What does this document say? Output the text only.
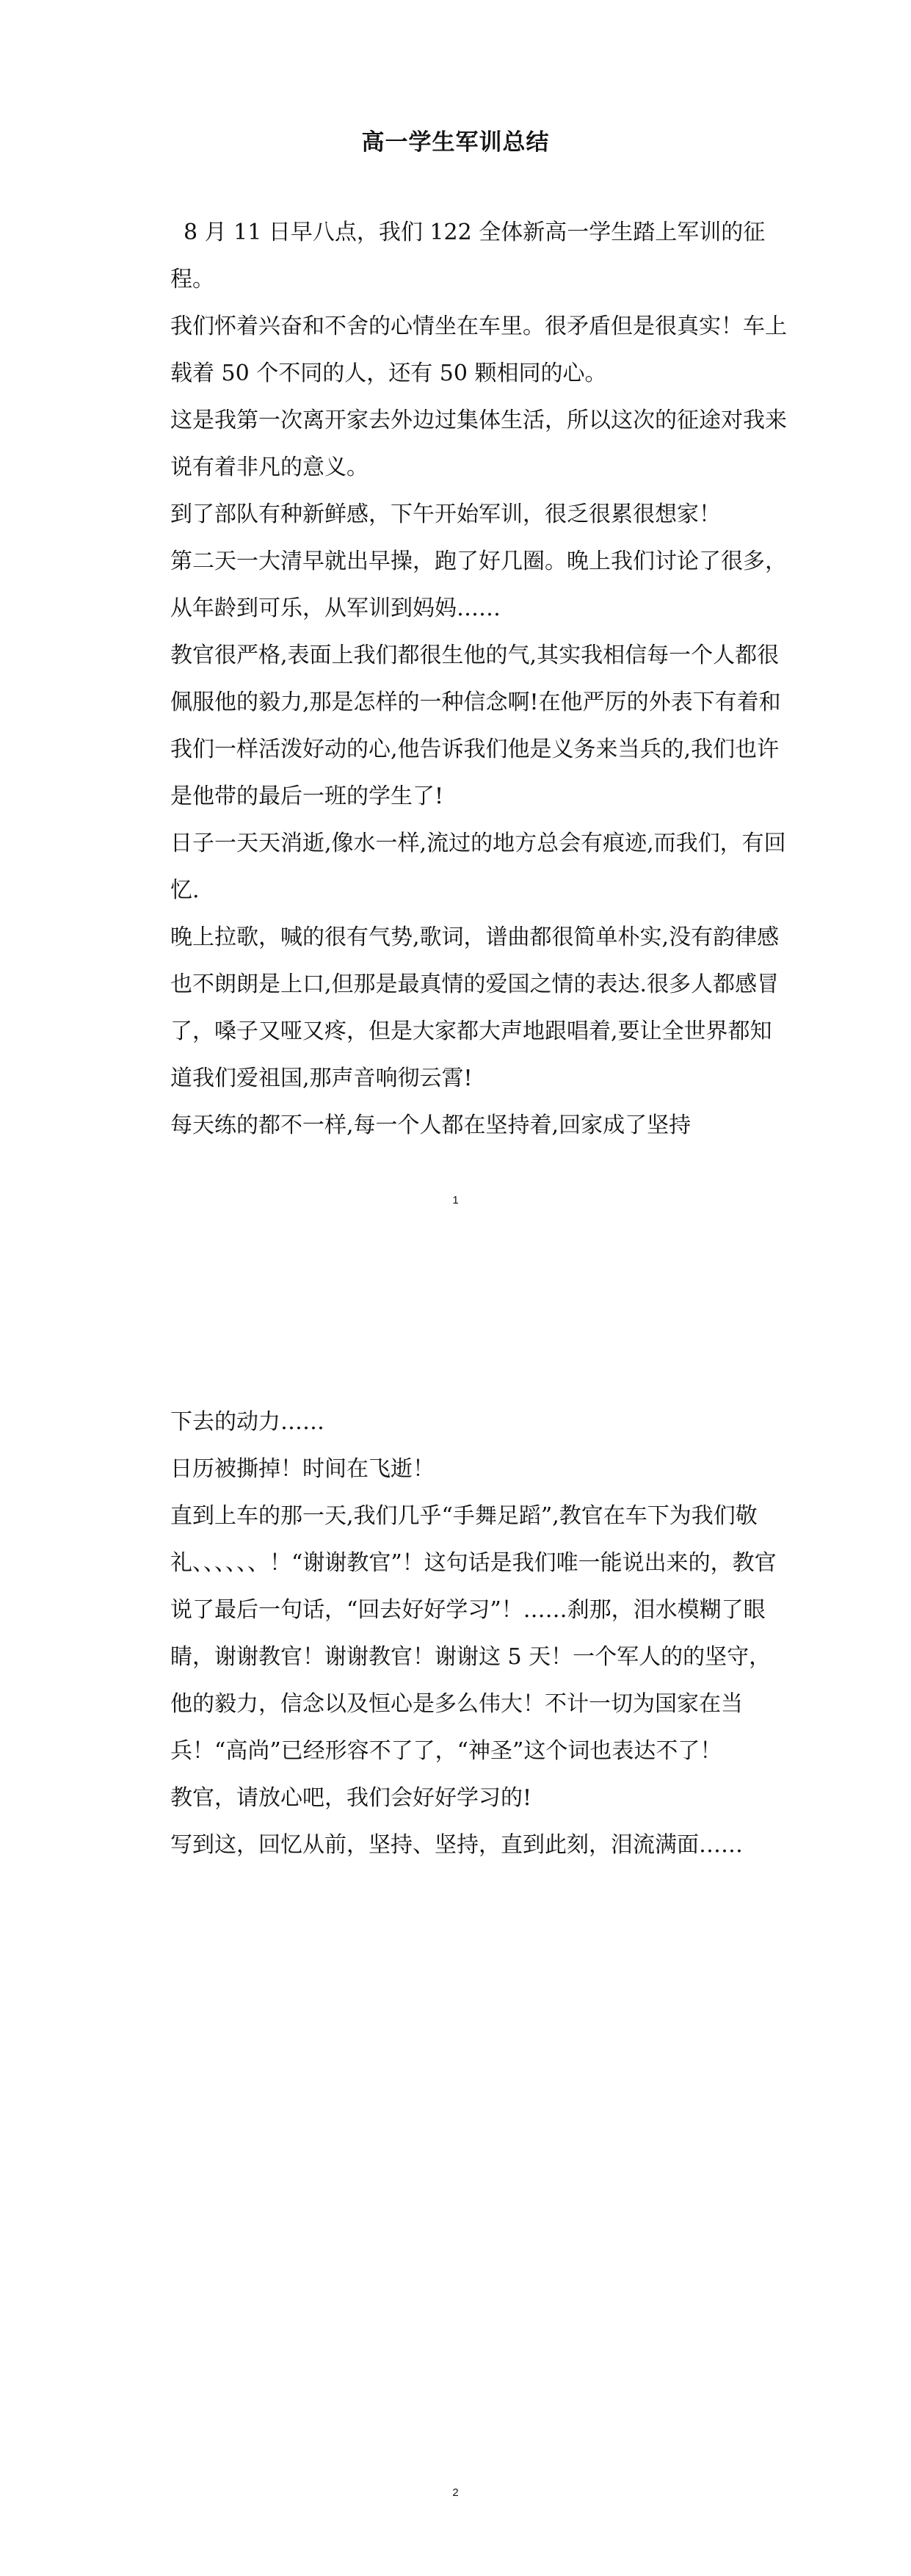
高一学生军训总结

8 月 11 日早八点，我们 122 全体新高一学生踏上军训的征程。

我们怀着兴奋和不舍的心情坐在车里。很矛盾但是很真实！车上载着 50 个不同的人，还有 50 颗相同的心。

这是我第一次离开家去外边过集体生活，所以这次的征途对我来说有着非凡的意义。

到了部队有种新鲜感，下午开始军训，很乏很累很想家！

第二天一大清早就出早操，跑了好几圈。晚上我们讨论了很多，从年龄到可乐，从军训到妈妈……

教官很严格,表面上我们都很生他的气,其实我相信每一个人都很佩服他的毅力,那是怎样的一种信念啊!在他严厉的外表下有着和我们一样活泼好动的心,他告诉我们他是义务来当兵的,我们也许是他带的最后一班的学生了!

日子一天天消逝,像水一样,流过的地方总会有痕迹,而我们，有回忆.

晚上拉歌，喊的很有气势,歌词，谱曲都很简单朴实,没有韵律感也不朗朗是上口,但那是最真情的爱国之情的表达.很多人都感冒了，嗓子又哑又疼，但是大家都大声地跟唱着,要让全世界都知道我们爱祖国,那声音响彻云霄!

每天练的都不一样,每一个人都在坚持着,回家成了坚持

1

下去的动力……

日历被撕掉！时间在飞逝！

直到上车的那一天,我们几乎“手舞足蹈”,教官在车下为我们敬礼、、、、、、！“谢谢教官”！这句话是我们唯一能说出来的，教官说了最后一句话，“回去好好学习”！……刹那，泪水模糊了眼睛，谢谢教官！谢谢教官！谢谢这 5 天！一个军人的的坚守，他的毅力，信念以及恒心是多么伟大！不计一切为国家在当兵！“高尚”已经形容不了了，“神圣”这个词也表达不了！

教官，请放心吧，我们会好好学习的!

写到这，回忆从前，坚持、坚持，直到此刻，泪流满面……

2
